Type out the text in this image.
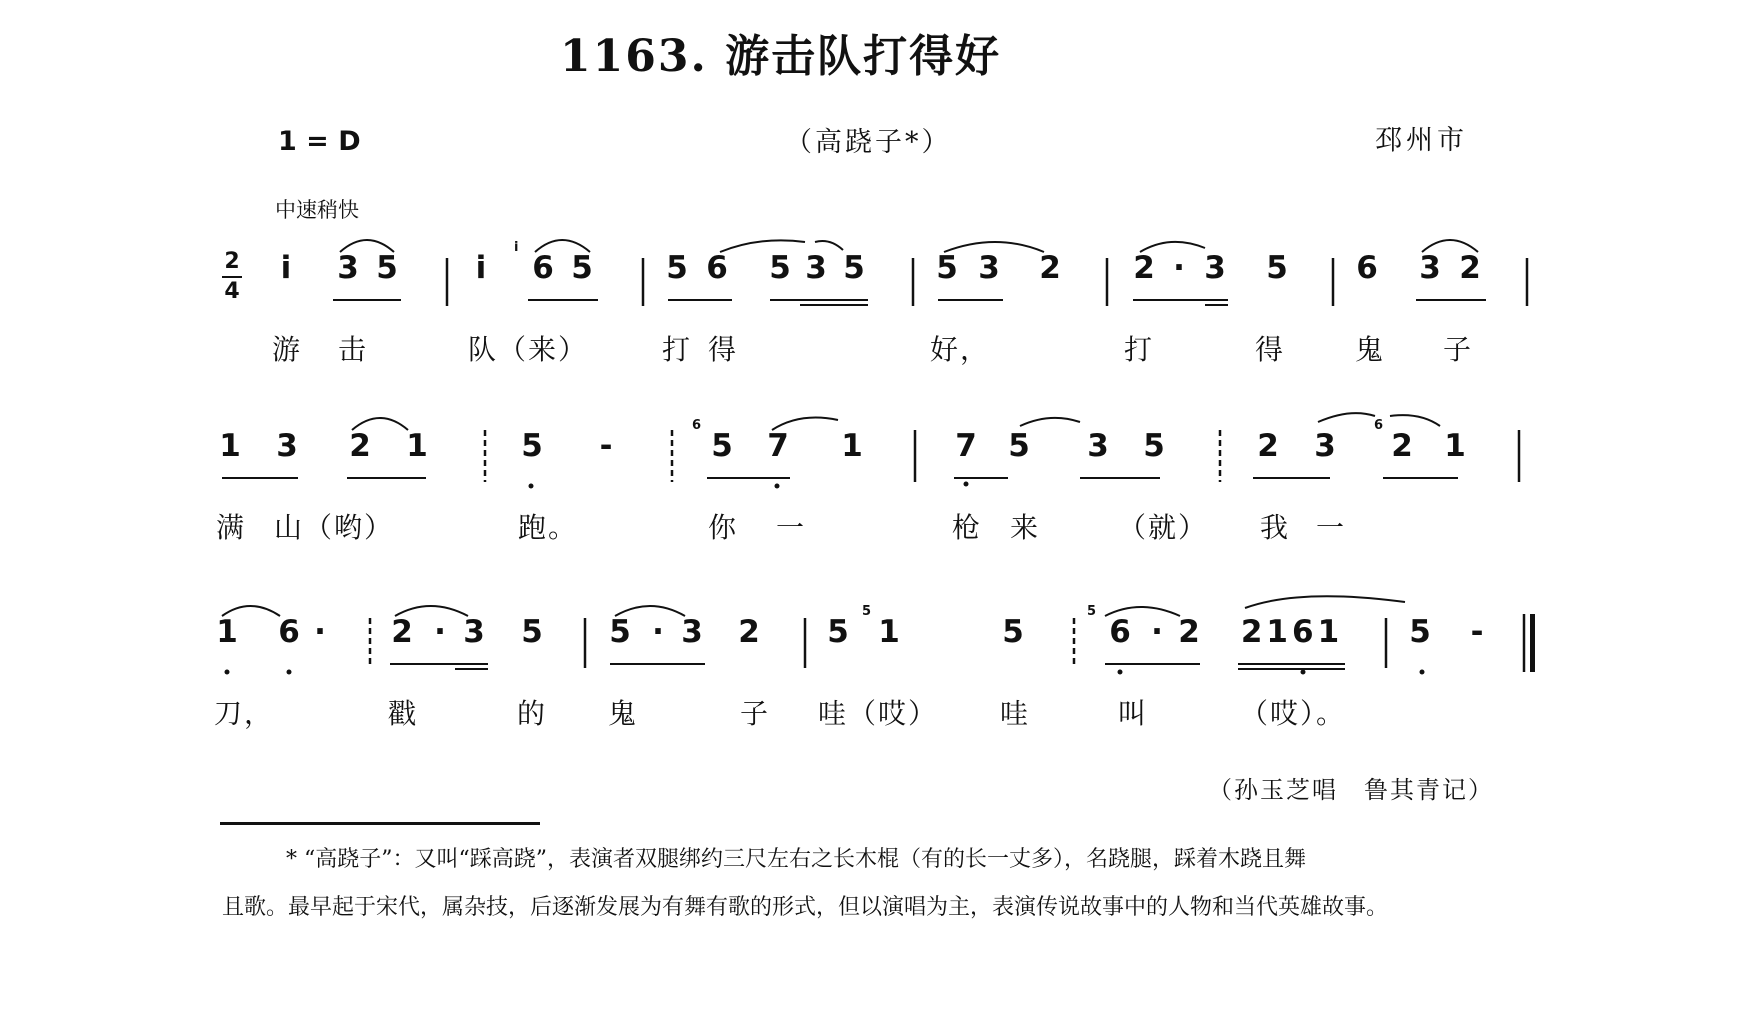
1163. 游击队打得好
1 = D	（高跷子*）	邳州市
中速稍快
2
4
i 3 5
i
i 6 5 5 6 5 3 5 5 3 2 2 · 3 5 6 3 2
游 击	队（来）	打 得	好，	打	得 鬼 子
1 3 2 1	5 -
6
5 7 1	7 5 3 5	2 3
6
2 1
满 山（哟）	跑。	你 一	枪 来	（就） 我 一
1 6 · 2 · 3 5 5 · 3 2 5
5
1	5
5
6 · 2 2161 5 -
刀，	戳	的 鬼	子 哇（哎） 哇	叫	（哎）。
（孙玉芝唱　鲁其青记）
* “高跷子”：又叫“踩高跷”，表演者双腿绑约三尺左右之长木棍（有的长一丈多），名跷腿，踩着木跷且舞
且歌。最早起于宋代，属杂技，后逐渐发展为有舞有歌的形式，但以演唱为主，表演传说故事中的人物和当代英雄故事。
